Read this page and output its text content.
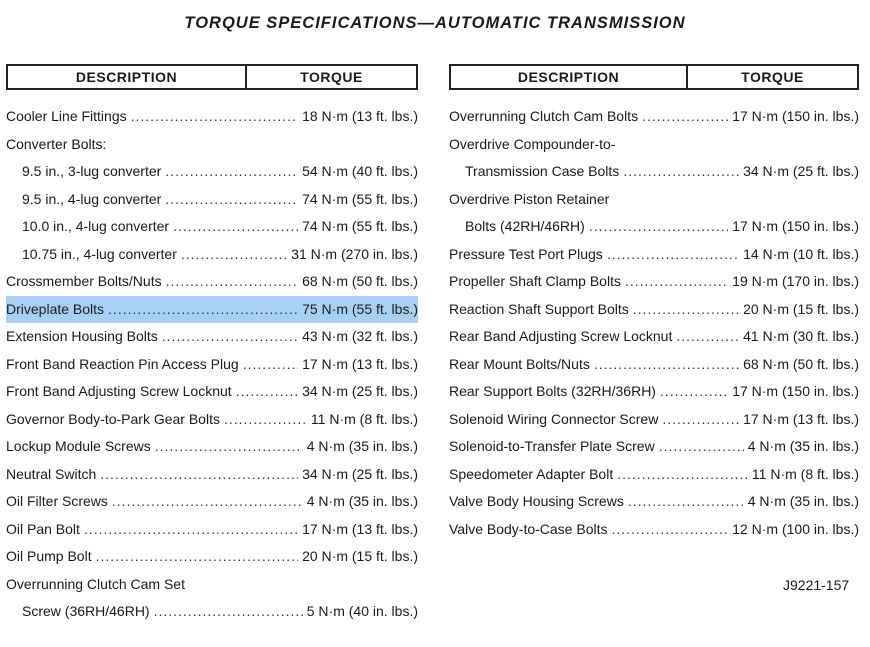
TORQUE SPECIFICATIONS—AUTOMATIC TRANSMISSION
DESCRIPTION	TORQUE
Cooler Line Fittings .....	18 N·m (13 ft. lbs.)
Converter Bolts:
9.5 in., 3-lug converter .....	54 N·m (40 ft. lbs.)
9.5 in., 4-lug converter .....	74 N·m (55 ft. lbs.)
10.0 in., 4-lug converter .....	74 N·m (55 ft. lbs.)
10.75 in., 4-lug converter .....	31 N·m (270 in. lbs.)
Crossmember Bolts/Nuts .....	68 N·m (50 ft. lbs.)
Driveplate Bolts .....	75 N·m (55 ft. lbs.)
Extension Housing Bolts .....	43 N·m (32 ft. lbs.)
Front Band Reaction Pin Access Plug .....	17 N·m (13 ft. lbs.)
Front Band Adjusting Screw Locknut .....	34 N·m (25 ft. lbs.)
Governor Body-to-Park Gear Bolts .....	11 N·m (8 ft. lbs.)
Lockup Module Screws .....	4 N·m (35 in. lbs.)
Neutral Switch .....	34 N·m (25 ft. lbs.)
Oil Filter Screws .....	4 N·m (35 in. lbs.)
Oil Pan Bolt .....	17 N·m (13 ft. lbs.)
Oil Pump Bolt .....	20 N·m (15 ft. lbs.)
Overrunning Clutch Cam Set
Screw (36RH/46RH) .....	5 N·m (40 in. lbs.)
DESCRIPTION	TORQUE
Overrunning Clutch Cam Bolts .....	17 N·m (150 in. lbs.)
Overdrive Compounder-to-
Transmission Case Bolts .....	34 N·m (25 ft. lbs.)
Overdrive Piston Retainer
Bolts (42RH/46RH) .....	17 N·m (150 in. lbs.)
Pressure Test Port Plugs .....	14 N·m (10 ft. lbs.)
Propeller Shaft Clamp Bolts .....	19 N·m (170 in. lbs.)
Reaction Shaft Support Bolts .....	20 N·m (15 ft. lbs.)
Rear Band Adjusting Screw Locknut .....	41 N·m (30 ft. lbs.)
Rear Mount Bolts/Nuts .....	68 N·m (50 ft. lbs.)
Rear Support Bolts (32RH/36RH) .....	17 N·m (150 in. lbs.)
Solenoid Wiring Connector Screw .....	17 N·m (13 ft. lbs.)
Solenoid-to-Transfer Plate Screw .....	4 N·m (35 in. lbs.)
Speedometer Adapter Bolt .....	11 N·m (8 ft. lbs.)
Valve Body Housing Screws .....	4 N·m (35 in. lbs.)
Valve Body-to-Case Bolts .....	12 N·m (100 in. lbs.)
J9221-157
